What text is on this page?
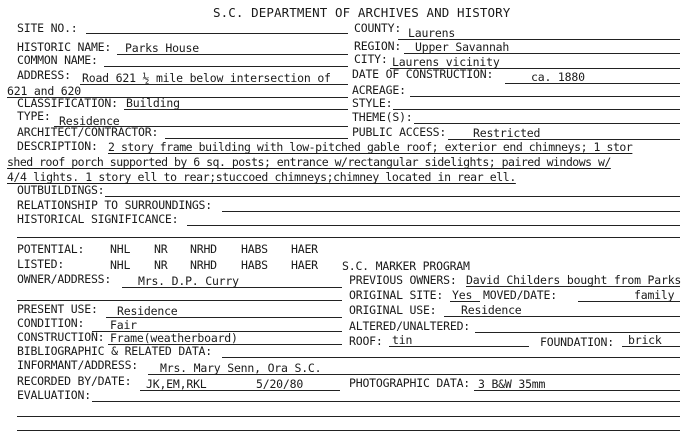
S.C. DEPARTMENT OF ARCHIVES AND HISTORY
SITE NO.:
HISTORIC NAME: Parks House
COMMON NAME:
ADDRESS: Road 621 ½ mile below intersection of
621 and 620
CLASSIFICATION: Building
TYPE: Residence
ARCHITECT/CONTRACTOR:
COUNTY: Laurens
REGION: Upper Savannah
CITY: Laurens vicinity
DATE OF CONSTRUCTION:	ca. 1880
ACREAGE:
STYLE:
THEME(S):
PUBLIC ACCESS: Restricted
DESCRIPTION: 2 story frame building with low-pitched gable roof; exterior end chimneys; 1 stor
shed roof porch supported by 6 sq. posts; entrance w/rectangular sidelights; paired windows w/
4/4 lights. 1 story ell to rear;stuccoed chimneys;chimney located in rear ell.
OUTBUILDINGS:
RELATIONSHIP TO SURROUNDINGS:
HISTORICAL SIGNIFICANCE:
POTENTIAL: NHL NR NRHD HABS HAER
LISTED:	NHL NR NRHD HABS HAER S.C. MARKER PROGRAM
OWNER/ADDRESS: Mrs. D.P. Curry	PREVIOUS OWNERS: David Childers bought from Parks
ORIGINAL SITE: Yes MOVED/DATE:	family
ORIGINAL USE: Residence
PRESENT USE: Residence
CONDITION: Fair	ALTERED/UNALTERED:
CONSTRUCTION: Frame(weatherboard)	ROOF: tin	FOUNDATION: brick
BIBLIOGRAPHIC & RELATED DATA:
INFORMANT/ADDRESS: Mrs. Mary Senn, Ora S.C.
RECORDED BY/DATE: JK,EM,RKL	5/20/80	PHOTOGRAPHIC DATA: 3 B&W 35mm
EVALUATION:
